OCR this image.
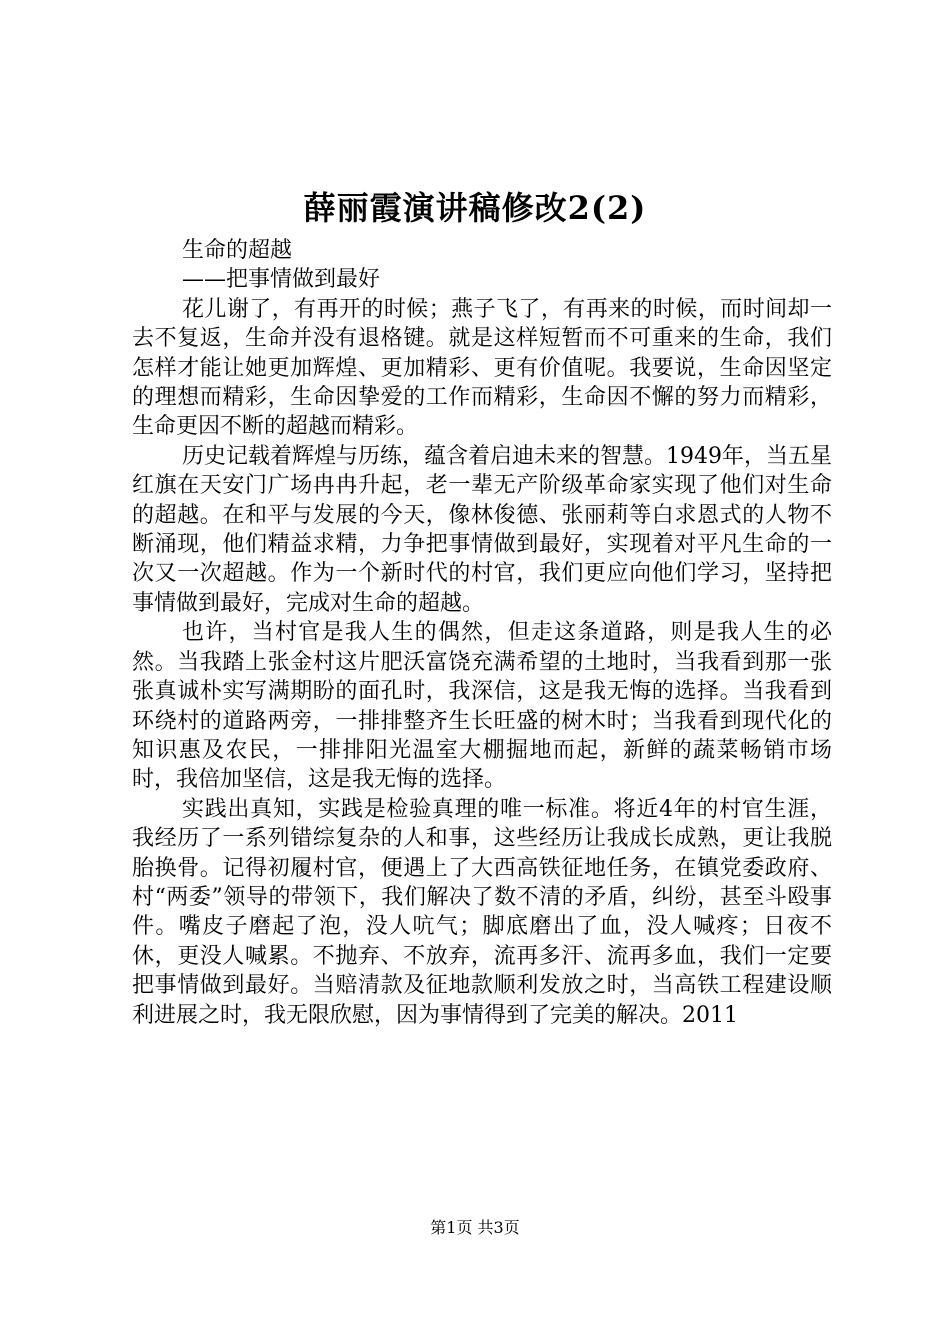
薛丽霞演讲稿修改2(2)

生命的超越

——把事情做到最好

花儿谢了，有再开的时候；燕子飞了，有再来的时候，而时间却一去不复返，生命并没有退格键。就是这样短暂而不可重来的生命，我们怎样才能让她更加辉煌、更加精彩、更有价值呢。我要说，生命因坚定的理想而精彩，生命因挚爱的工作而精彩，生命因不懈的努力而精彩，生命更因不断的超越而精彩。

历史记载着辉煌与历练，蕴含着启迪未来的智慧。1949年，当五星红旗在天安门广场冉冉升起，老一辈无产阶级革命家实现了他们对生命的超越。在和平与发展的今天，像林俊德、张丽莉等白求恩式的人物不断涌现，他们精益求精，力争把事情做到最好，实现着对平凡生命的一次又一次超越。作为一个新时代的村官，我们更应向他们学习，坚持把事情做到最好，完成对生命的超越。

也许，当村官是我人生的偶然，但走这条道路，则是我人生的必然。当我踏上张金村这片肥沃富饶充满希望的土地时，当我看到那一张张真诚朴实写满期盼的面孔时，我深信，这是我无悔的选择。当我看到环绕村的道路两旁，一排排整齐生长旺盛的树木时；当我看到现代化的知识惠及农民，一排排阳光温室大棚掘地而起，新鲜的蔬菜畅销市场时，我倍加坚信，这是我无悔的选择。

实践出真知，实践是检验真理的唯一标准。将近4年的村官生涯，我经历了一系列错综复杂的人和事，这些经历让我成长成熟，更让我脱胎换骨。记得初履村官，便遇上了大西高铁征地任务，在镇党委政府、村“两委”领导的带领下，我们解决了数不清的矛盾，纠纷，甚至斗殴事件。嘴皮子磨起了泡，没人吭气；脚底磨出了血，没人喊疼；日夜不休，更没人喊累。不抛弃、不放弃，流再多汗、流再多血，我们一定要把事情做到最好。当赔清款及征地款顺利发放之时，当高铁工程建设顺利进展之时，我无限欣慰，因为事情得到了完美的解决。2011

第1页 共3页
